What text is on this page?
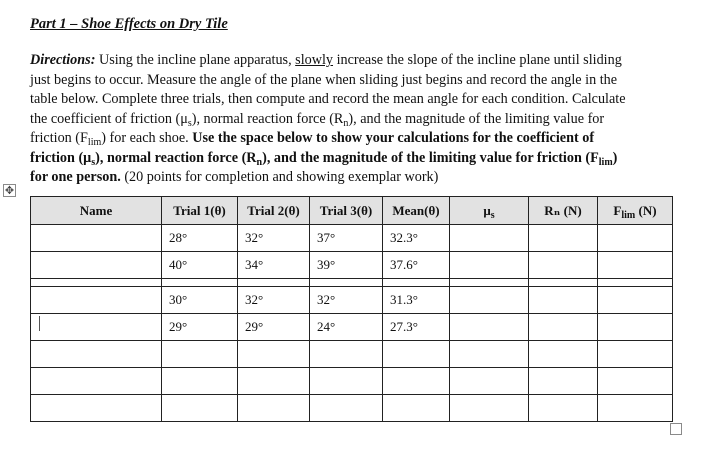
Part 1 – Shoe Effects on Dry Tile
Directions: Using the incline plane apparatus, slowly increase the slope of the incline plane until sliding
just begins to occur. Measure the angle of the plane when sliding just begins and record the angle in the
table below. Complete three trials, then compute and record the mean angle for each condition. Calculate
the coefficient of friction $(\mu_s)$, normal reaction force $(R_n)$, and the magnitude of the limiting value for
friction $(F_{lim})$ for each shoe. Use the space below to show your calculations for the coefficient of
friction $(\mu_s)$, normal reaction force $(R_n)$, and the magnitude of the limiting value for friction $(F_{lim})$
for one person. (20 points for completion and showing exemplar work)
✥
Name	Trial 1(θ)	Trial 2(θ)	Trial 3(θ)	Mean(θ)	$\mu_s$	Rₙ (N)	$F_{lim}$ (N)
	28°	32°	37°	32.3°			
	40°	34°	39°	37.6°			

	30°	32°	32°	31.3°			
	29°	29°	24°	27.3°			
